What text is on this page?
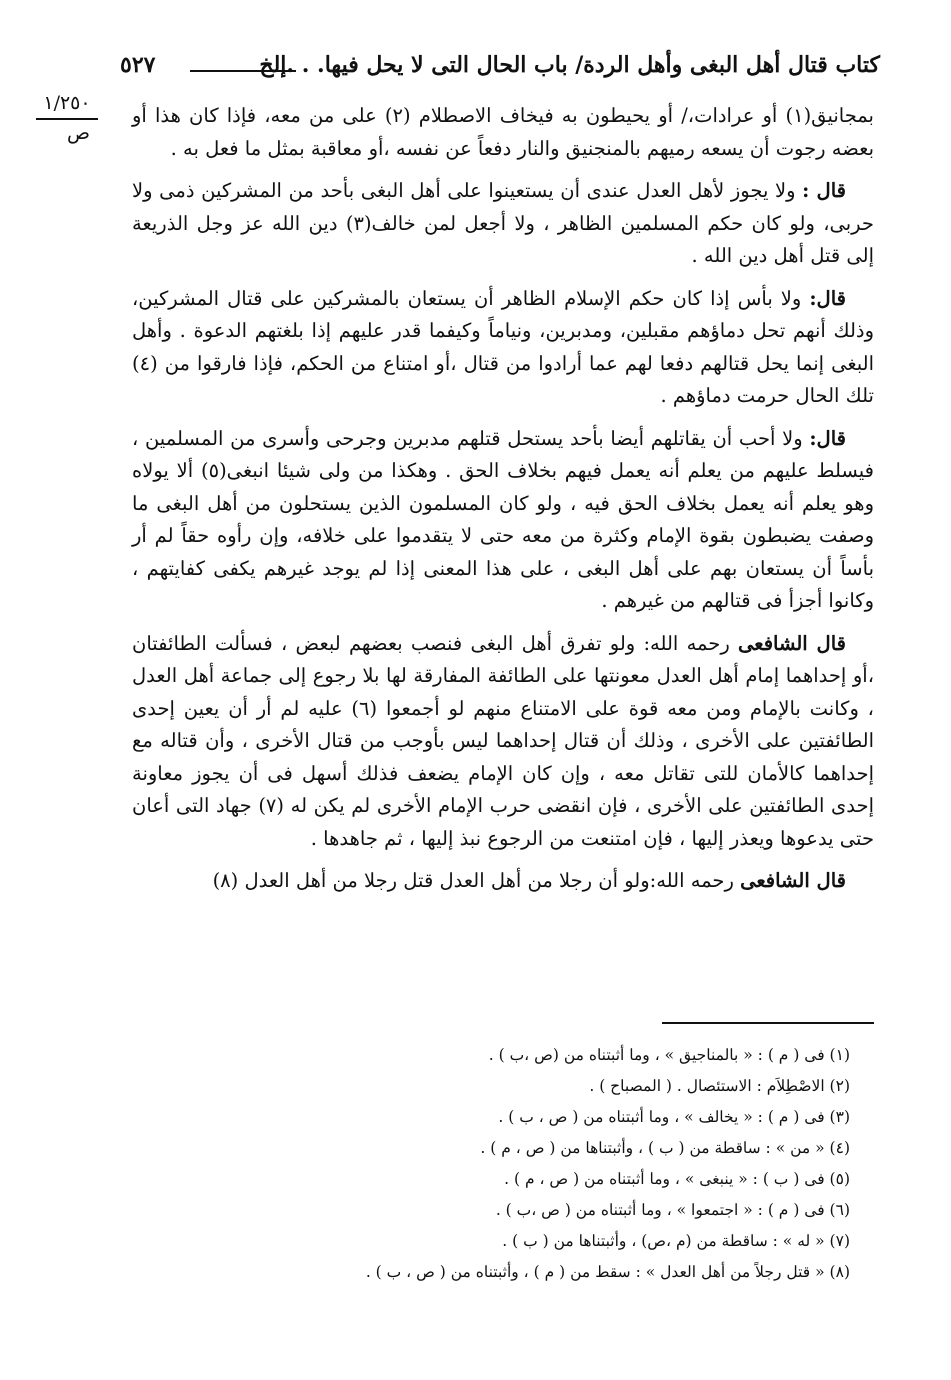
كتاب قتال أهل البغى وأهل الردة/ باب الحال التى لا يحل فيها. . .إلخ
٥٢٧
١/٢٥٠
ص

بمجانيق(١) أو عرادات،/ أو يحيطون به فيخاف الاصطلام (٢) على من معه، فإذا كان هذا أو بعضه رجوت أن يسعه رميهم بالمنجنيق والنار دفعاً عن نفسه ،أو معاقبة بمثل ما فعل به .

قال : ولا يجوز لأهل العدل عندى أن يستعينوا على أهل البغى بأحد من المشركين ذمى ولا حربى، ولو كان حكم المسلمين الظاهر ، ولا أجعل لمن خالف(٣) دين الله عز وجل الذريعة إلى قتل أهل دين الله .

قال: ولا بأس إذا كان حكم الإسلام الظاهر أن يستعان بالمشركين على قتال المشركين، وذلك أنهم تحل دماؤهم مقبلين، ومدبرين، ونياماً وكيفما قدر عليهم إذا بلغتهم الدعوة . وأهل البغى إنما يحل قتالهم دفعا لهم عما أرادوا من قتال ،أو امتناع من الحكم، فإذا فارقوا من (٤) تلك الحال حرمت دماؤهم .

قال: ولا أحب أن يقاتلهم أيضا بأحد يستحل قتلهم مدبرين وجرحى وأسرى من المسلمين ، فيسلط عليهم من يعلم أنه يعمل فيهم بخلاف الحق . وهكذا من ولى شيئا انبغى(٥) ألا يولاه وهو يعلم أنه يعمل بخلاف الحق فيه ، ولو كان المسلمون الذين يستحلون من أهل البغى ما وصفت يضبطون بقوة الإمام وكثرة من معه حتى لا يتقدموا على خلافه، وإن رأوه حقاً لم أر بأساً أن يستعان بهم على أهل البغى ، على هذا المعنى إذا لم يوجد غيرهم يكفى كفايتهم ، وكانوا أجزأ فى قتالهم من غيرهم .

قال الشافعى رحمه الله: ولو تفرق أهل البغى فنصب بعضهم لبعض ، فسألت الطائفتان ،أو إحداهما إمام أهل العدل معونتها على الطائفة المفارقة لها بلا رجوع إلى جماعة أهل العدل ، وكانت بالإمام ومن معه قوة على الامتناع منهم لو أجمعوا (٦) عليه لم أر أن يعين إحدى الطائفتين على الأخرى ، وذلك أن قتال إحداهما ليس بأوجب من قتال الأخرى ، وأن قتاله مع إحداهما كالأمان للتى تقاتل معه ، وإن كان الإمام يضعف فذلك أسهل فى أن يجوز معاونة إحدى الطائفتين على الأخرى ، فإن انقضى حرب الإمام الأخرى لم يكن له (٧) جهاد التى أعان حتى يدعوها ويعذر إليها ، فإن امتنعت من الرجوع نبذ إليها ، ثم جاهدها .

قال الشافعى رحمه الله:ولو أن رجلا من أهل العدل قتل رجلا من أهل العدل (٨)

(١) فى ( م ) : « بالمناجيق » ، وما أثبتناه من (ص ،ب ) .
(٢) الاصْطِلاَم : الاستئصال . ( المصباح ) .
(٣) فى ( م ) : « يخالف » ، وما أثبتناه من ( ص ، ب ) .
(٤) « من » : ساقطة من ( ب ) ، وأثبتناها من ( ص ، م ) .
(٥) فى ( ب ) : « ينبغى » ، وما أثبتناه من ( ص ، م ) .
(٦) فى ( م ) : « اجتمعوا » ، وما أثبتناه من ( ص ،ب ) .
(٧) « له » : ساقطة من (م ،ص) ، وأثبتناها من ( ب ) .
(٨) « قتل رجلاً من أهل العدل » : سقط من ( م ) ، وأثبتناه من ( ص ، ب ) .
